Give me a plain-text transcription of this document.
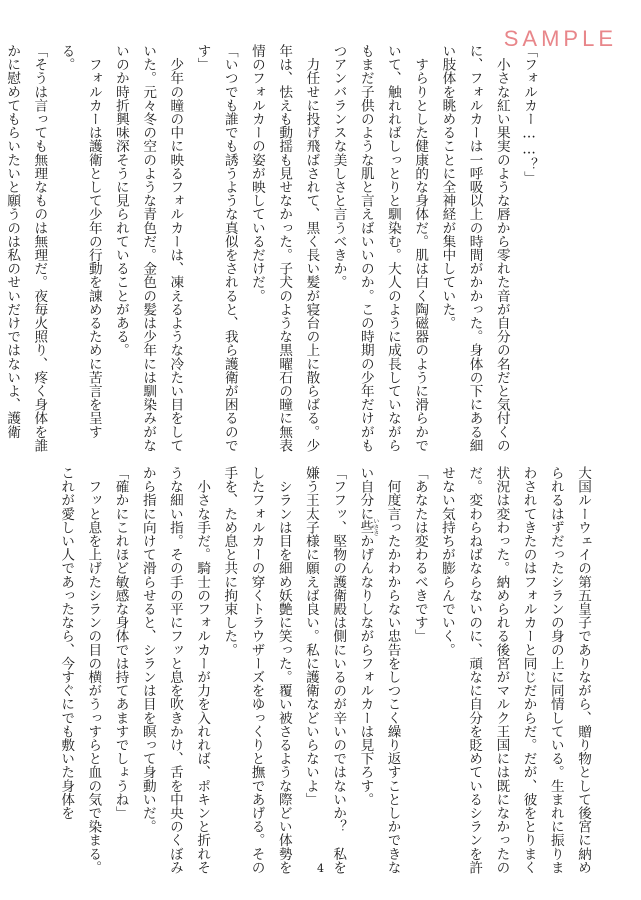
SAMPLE

「フォルカー……？」

　小さな紅い果実のような唇から零れた音が自分の名だと気付くのに、フォルカーは一呼吸以上の時間がかかった。身体の下にある細い肢体を眺めることに全神経が集中していた。

　すらりとした健康的な身体だ。肌は白く陶磁器のように滑らかでいて、触れればしっとりと馴染む。大人のように成長していながらもまだ子供のような肌と言えばいいのか。この時期の少年だけがもつアンバランスな美しさと言うべきか。

　力任せに投げ飛ばされて、黒く長い髪が寝台の上に散らばる。少年は、怯えも動揺も見せなかった。子犬のような黒曜石の瞳に無表情のフォルカーの姿が映しているだけだ。

「いつでも誰でも誘うような真似をされると、我ら護衛が困るのです」

　少年の瞳の中に映るフォルカーは、凍えるような冷たい目をしていた。元々冬の空のような青色だ。金色の髪は少年には馴染みがないのか時折興味深そうに見られていることがある。

　フォルカーは護衛として少年の行動を諌めるために苦言を呈する。

「そうは言っても無理なものは無理だ。夜毎火照り、疼く身体を誰かに慰めてもらいたいと願うのは私のせいだけではないよ、護衛

大国ルーウェイの第五皇子でありながら、贈り物として後宮に納められるはずだったシランの身の上に同情している。生まれに振りまわされてきたのはフォルカーと同じだからだ。だが、彼をとりまく状況は変わった。納められる後宮がマルク王国には既になかったのだ。変わらねばならないのに、頑なに自分を貶めているシランを許せない気持ちが膨らんでいく。

「あなたは変わるべきです」

　何度言ったかわからない忠告をしつこく繰り返すことしかできない自分に些いささかげんなりしながらフォルカーは見下ろす。

「フフッ、堅物の護衛殿は側にいるのが辛いのではないか？　私を嫌う王太子様に願えば良い。私に護衛などいらないよ」

　シランは目を細め妖艶に笑った。覆い被さるような際どい体勢をしたフォルカーの穿くトラウザーズをゆっくりと撫であげる。その手を、ため息と共に拘束した。

　小さな手だ。騎士のフォルカーが力を入れれば、ポキンと折れそうな細い指。その手の平にフッと息を吹きかけ、舌を中央のくぼみから指に向けて滑らせると、シランは目を瞑って身動いだ。

「確かにこれほど敏感な身体では持てあますでしょうね」

　フッと息を上げたシランの目の横がうっすらと血の気で染まる。これが愛しい人であったなら、今すぐにでも敷いた身体を

4
